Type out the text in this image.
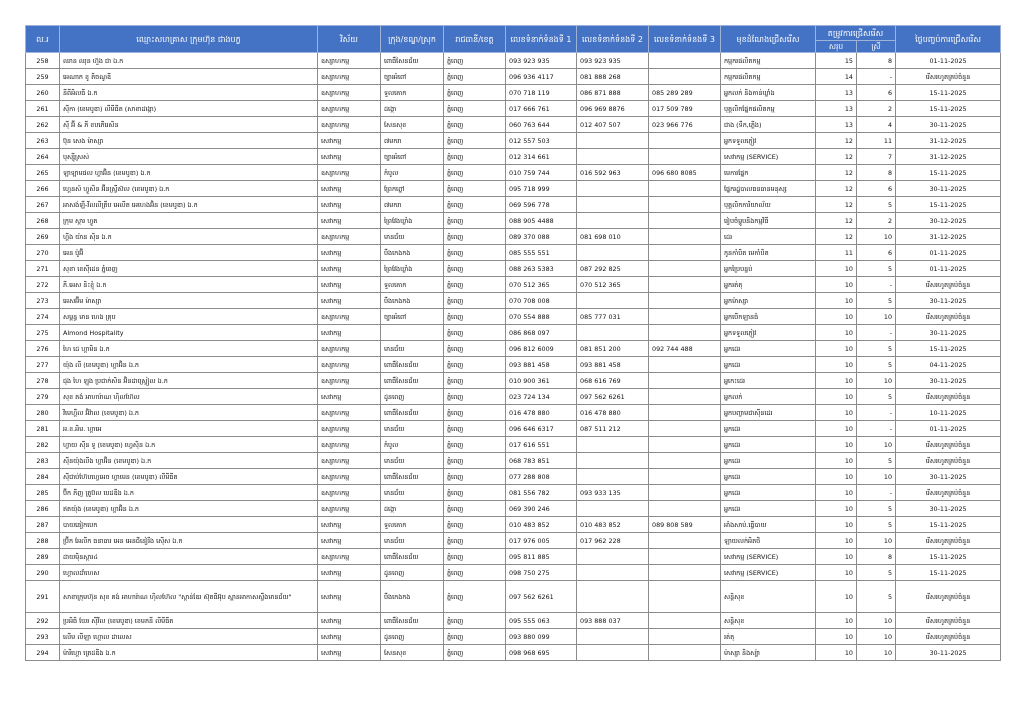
ល.រ	ឈ្មោះសហគ្រាស ក្រុមហ៊ុន ជាងបក្ខ	វិស័យ	ក្រុង/ខណ្ឌ/ស្រុក	រាជធានី/ខេត្ត	លេខទំនាក់ទំនងទី 1	លេខទំនាក់ទំនងទី 2	លេខទំនាក់ទំនងទី 3	មុខដំណែងជ្រើសរើស	តម្រូវការជ្រើសរើស		ថ្ងៃបញ្ចប់ការជ្រើសរើស
									សរុប	ស្រី	
258	ឈាន ឈុន ហ៊ួង ជា ឯ.ក	ឧស្សាហកម្ម	ពោធិ៍សែនជ័យ	ភ្នំពេញ	093 923 935	093 923 935		កម្មករផលិតកម្ម	15	8	01-11-2025
259	អេណាក ខូ តិចណូឌី	ឧស្សាហកម្ម	ច្បារអំពៅ	ភ្នំពេញ	096 936 4117	081 888 268		កម្មករផលិតកម្ម	14	-	រើសរហូតគ្រប់ចំនួន
260	នីពីអិលធី ឯ.ក	ឧស្សាហកម្ម	ទួលគោក	ភ្នំពេញ	070 718 119	086 871 888	085 289 289	អ្នកលក់ និងកាន់ឃ្លាំង	13	6	15-11-2025
261	ស៊ីកា (ខេមបូឌា) លីមីធីត (សាខាដង្កោ)	ឧស្សាហកម្ម	ដង្កោ	ភ្នំពេញ	017 666 761	096 969 8876	017 509 789	បុគ្គលិកផ្នែកផលិតកម្ម	13	2	15-11-2025
262	ស៊ី អ៊ី & ភី ខបភើរេសិន	ឧស្សាហកម្ម	សែនសុខ	ភ្នំពេញ	060 763 644	012 407 507	023 966 776	ជាង (ទឹក,ភ្លើង)	13	4	30-11-2025
263	ប៊ុន សេង ម៉ាស្សា	សេវាកម្ម	៧មករា	ភ្នំពេញ	012 557 503			អ្នកទទួលភ្ញៀវ	12	11	31-12-2025
264	បុស្ស៊ីស្រស់	សេវាកម្ម	ច្បារអំពៅ	ភ្នំពេញ	012 314 661			សេវាកម្ម (SERVICE)	12	7	31-12-2025
265	ឡាឡាមផល ហ្គាអ៊ិន (ខេមបូឌា) ឯ.ក	ឧស្សាហកម្ម	កំបូល	ភ្នំពេញ	010 759 744	016 592 963	096 680 8085	មេការផ្នែក	12	8	15-11-2025
266	ហ្គេនស៍ ហ្វូសិន អ៊ីនស្ទ្រីស៊ល (ខេមបូឌា) ឯ.ក	សេវាកម្ម	ព្រែកព្នៅ	ភ្នំពេញ	095 718 999			ផ្នែករដ្ឋបាលធនធានមនុស្ស	12	6	30-11-2025
267	អាសង់ឡឺ-វីលលីត្រឹប អេលីត អេហេងអ៊ិន (ខេមបូឌា) ឯ.ក	សេវាកម្ម	៧មករា	ភ្នំពេញ	069 596 778			បុគ្គលិកការិយាល័យ	12	5	15-11-2025
268	ក្រុម ស្តារ ហ្វូត	សេវាកម្ម	ព្រៃវែងឃ្លាំង	ភ្នំពេញ	088 905 4488			រៀបចំម្ហូបនិងកម្មវិធី	12	2	30-12-2025
269	ហ្គីង យ៉ាន ស៊ិន ឯ.ក	ឧស្សាហកម្ម	មានជ័យ	ភ្នំពេញ	089 370 088	081 698 010		ដេរ	12	10	31-12-2025
270	អេន ប៉ូអ៊ី	សេវាកម្ម	បឹងកេងកង	ភ្នំពេញ	085 555 551			កូនកាំបិត មេកាំបិត	11	6	01-11-2025
271	សុខា ខេស៊ីដេន ភ្នំពេញ	សេវាកម្ម	ព្រៃវែងឃ្លាំង	ភ្នំពេញ	088 263 5383	087 292 825		អ្នកប្រៃបន្ទប់	10	5	01-11-2025
272	ភី.អេស និះខ្ញុំ ឯ.ក	សេវាកម្ម	ទួលគោក	ភ្នំពេញ	070 512 365	070 512 365		អ្នករត់តុ	10	-	រើសរហូតគ្រប់ចំនួន
273	អេសអ៊ីម ម៉ាស្សា	សេវាកម្ម	បឹងកេងកង	ភ្នំពេញ	070 708 008			អ្នកម៉ាស្សា	10	5	30-11-2025
274	សម្ពន្ធ មាន ហេង គ្រុប	ឧស្សាហកម្ម	ច្បារអំពៅ	ភ្នំពេញ	070 554 888	085 777 031		អ្នកបើកឡានធំ	10	10	រើសរហូតគ្រប់ចំនួន
275	Almond Hospitality	សេវាកម្ម		ភ្នំពេញ	086 868 097			អ្នកទទួលភ្ញៀវ	10	-	30-11-2025
276	ហៃ ដេ ហ្គាមិន ឯ.ក	ឧស្សាហកម្ម	មានជ័យ	ភ្នំពេញ	096 812 6009	081 851 200	092 744 488	អ្នកដេរ	10	5	15-11-2025
277	យ៉ុង លី (ខេមបូឌា) ហ្គាអ៊ិន ឯ.ក	ឧស្សាហកម្ម	ពោធិ៍សែនជ័យ	ភ្នំពេញ	093 881 458	093 881 458		អ្នកដេរ	10	5	04-11-2025
278	ជុង ហៃ ឡុង ប្រជាក់សិន អ៊ិនដាស្ទ្រៀល ឯ.ក	ឧស្សាហកម្ម	ពោធិ៍សែនជ័យ	ភ្នំពេញ	010 900 361	068 616 769		អ្នកេះដេរ	10	10	30-11-2025
279	សុខ គង់ អាហារ៉ាណ ហ៊ិលហ៊ែល	សេវាកម្ម	ដូនពេញ	ភ្នំពេញ	023 724 134	097 562 6261		អ្នកលក់	10	5	រើសរហូតគ្រប់ចំនួន
280	វិមេហ្គឺល អ៊ិវ៉ាល (ខេមបូឌា) ឯ.ក	ឧស្សាហកម្ម	ពោធិ៍សែនជ័យ	ភ្នំពេញ	016 478 880	016 478 880		អ្នកបញ្ចាមជាស៊ីនដេរ	10	-	10-11-2025
281	អ.ខ.អិម. ហ្គាអេ	ឧស្សាហកម្ម	មានជ័យ	ភ្នំពេញ	096 646 6317	087 511 212		អ្នកដេរ	10	-	01-11-2025
282	ហ្វាយ ស៊ីន ទូ (ខេមបូឌា) ហ្វេស៊ិន ឯ.ក	ឧស្សាហកម្ម	កំបូល	ភ្នំពេញ	017 616 551			អ្នកដេរ	10	10	រើសរហូតគ្រប់ចំនួន
283	ស៊ីនយ៉ុងលីង ហ្គាអ៊ិន (ខេមបូឌា) ឯ.ក	ឧស្សាហកម្ម	មានជ័យ	ភ្នំពេញ	068 783 851			អ្នកដេរ	10	5	រើសរហូតគ្រប់ចំនួន
284	ស៊ីជាប់ហ៊ែបហ្វេអេច ហ្គាមេន (ខេមបូឌា) លីមីធីត	ឧស្សាហកម្ម	ពោធិ៍សែនជ័យ	ភ្នំពេញ	077 288 808			អ្នកដេរ	10	10	30-11-2025
285	ប៊ីក ភីញ ត្រូប៊ល បេដឌីង ឯ.ក	ឧស្សាហកម្ម	មានជ័យ	ភ្នំពេញ	081 556 782	093 933 135		អ្នកដេរ	10	-	រើសរហូតគ្រប់ចំនួន
286	ឥតយ៉ុង (ខេមបូឌា) ហ្គាអ៊ិន ឯ.ក	ឧស្សាហកម្ម	ដង្កោ	ភ្នំពេញ	069 390 246			អ្នកដេរ	10	5	30-11-2025
287	បាយឆៀកបេក	សេវាកម្ម	ទួលគោក	ភ្នំពេញ	010 483 852	010 483 852	089 808 589	អាំងសាប់.ធ្វើបាយ	10	5	15-11-2025
288	ប៊្រីក អែលីក ធនាធារ អេន អេនជីនៀរីង ស៊ើស ឯ.ក	សេវាកម្ម	មានជ័យ	ភ្នំពេញ	017 976 005	017 962 228		ឡាយលក់អិតថិ	10	10	រើសរហូតគ្រប់ចំនួន
289	ដាយម៉ិនស្តារ៤	ឧស្សាហកម្ម	ពោធិ៍សែនជ័យ	ភ្នំពេញ	095 811 885			សេវាកម្ម (SERVICE)	10	8	15-11-2025
290	ហ្គោលដាំហេស	សេវាកម្ម	ដូនពេញ	ភ្នំពេញ	098 750 275			សេវាកម្ម (SERVICE)	10	5	15-11-2025
291	សាខាក្រុមហ៊ុន សុខ គង់ អាហារ៉ាណ ហ៊ិលហ៊ែល "ស្តាន់ឌែរ ស៊ុតធីអ៊ុប ស្ពានអាកាសស្ទឹងមានជ័យ"	សេវាកម្ម	បឹងកេងកង	ភ្នំពេញ	097 562 6261			សន្តិសុខ	10	5	រើសរហូតគ្រប់ចំនួន
292	ប្រអិធិ ឃែរ ស៊ីវីល (ខេមបូឌា) ខេមភនី លីមីធីត	សេវាកម្ម	ពោធិ៍សែនជ័យ	ភ្នំពេញ	095 555 063	093 888 037		សន្តិសុខ	10	10	រើសរហូតគ្រប់ចំនួន
293	លើម លីឡា ហ្គោល ដាលេស	សេវាកម្ម	ដូនពេញ	ភ្នំពេញ	093 880 099			រត់តុ	10	10	រើសរហូតគ្រប់ចំនួន
294	ម៉ារីហ្គោ ត្រេដឌីង ឯ.ក	សេវាកម្ម	សែនសុខ	ភ្នំពេញ	098 968 695			ម៉ាស្សា និងស្ប៉ា	10	10	30-11-2025
